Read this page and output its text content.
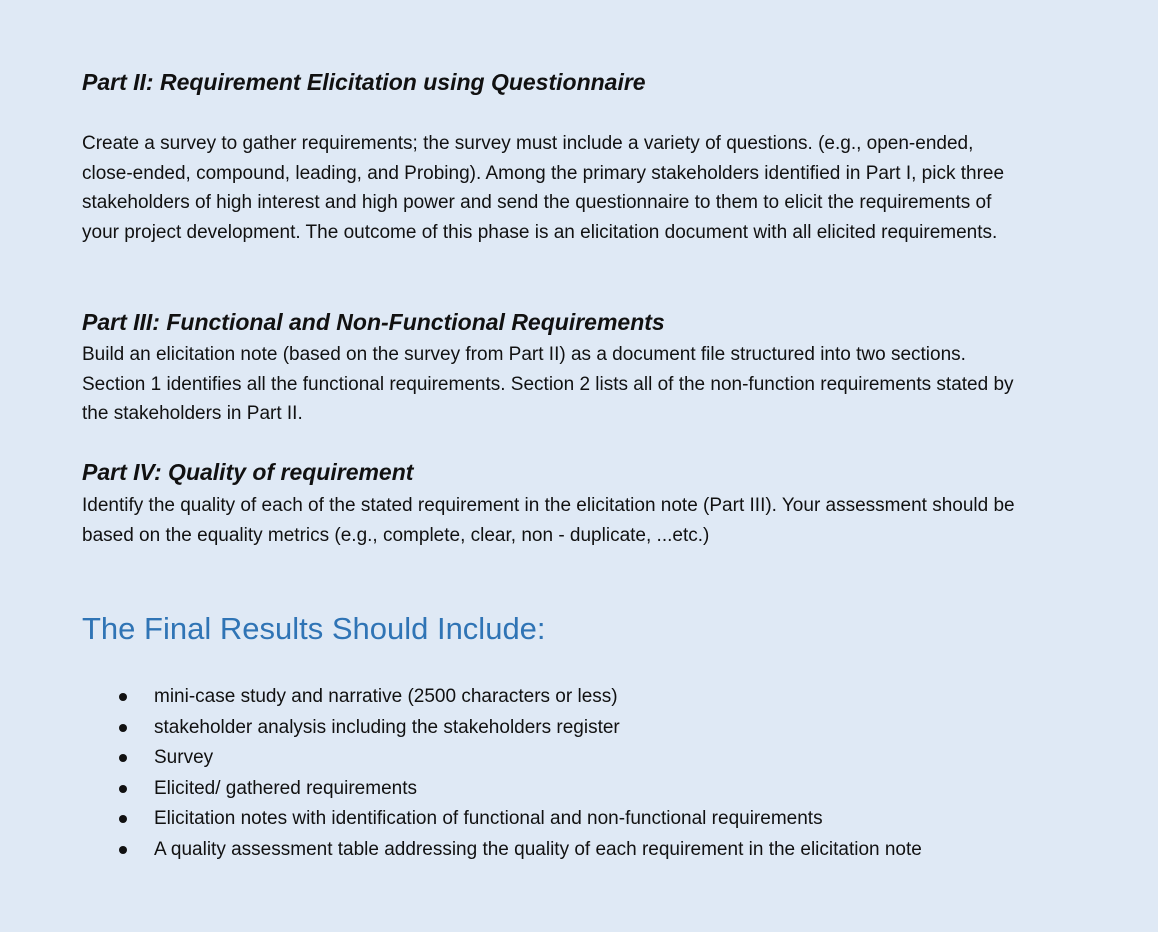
Part II: Requirement Elicitation using Questionnaire

Create a survey to gather requirements; the survey must include a variety of questions. (e.g., open-ended, close-ended, compound, leading, and Probing). Among the primary stakeholders identified in Part I, pick three stakeholders of high interest and high power and send the questionnaire to them to elicit the requirements of your project development. The outcome of this phase is an elicitation document with all elicited requirements.

Part III: Functional and Non-Functional Requirements

Build an elicitation note (based on the survey from Part II) as a document file structured into two sections. Section 1 identifies all the functional requirements. Section 2 lists all of the non-function requirements stated by the stakeholders in Part II.

Part IV: Quality of requirement

Identify the quality of each of the stated requirement in the elicitation note (Part III). Your assessment should be based on the equality metrics (e.g., complete, clear, non - duplicate, ...etc.)

The Final Results Should Include:
mini-case study and narrative (2500 characters or less)
stakeholder analysis including the stakeholders register
Survey
Elicited/ gathered requirements
Elicitation notes with identification of functional and non-functional requirements
A quality assessment table addressing the quality of each requirement in the elicitation note
